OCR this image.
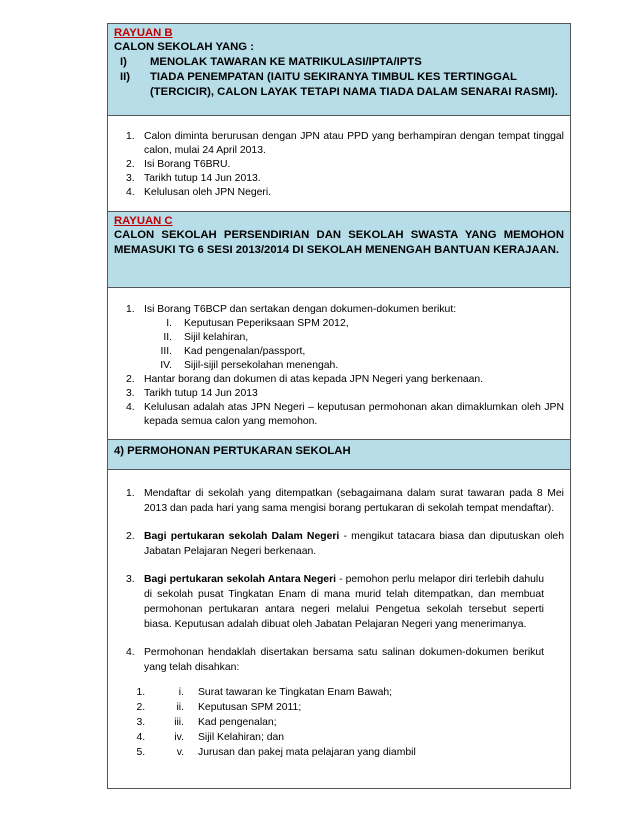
RAYUAN B
CALON SEKOLAH YANG :
I) MENOLAK TAWARAN KE MATRIKULASI/IPTA/IPTS
II) TIADA PENEMPATAN (IAITU SEKIRANYA TIMBUL KES TERTINGGAL (TERCICIR), CALON LAYAK TETAPI NAMA TIADA DALAM SENARAI RASMI).
1. Calon diminta berurusan dengan JPN atau PPD yang berhampiran dengan tempat tinggal calon, mulai 24 April 2013.
2. Isi Borang T6BRU.
3. Tarikh tutup 14 Jun 2013.
4. Kelulusan oleh JPN Negeri.
RAYUAN C
CALON SEKOLAH PERSENDIRIAN DAN SEKOLAH SWASTA YANG MEMOHON MEMASUKI TG 6 SESI 2013/2014 DI SEKOLAH MENENGAH BANTUAN KERAJAAN.
1. Isi Borang T6BCP dan sertakan dengan dokumen-dokumen berikut:
I. Keputusan Peperiksaan SPM 2012,
II. Sijil kelahiran,
III. Kad pengenalan/passport,
IV. Sijil-sijil persekolahan menengah.
2. Hantar borang dan dokumen di atas kepada JPN Negeri yang berkenaan.
3. Tarikh tutup 14 Jun 2013
4. Kelulusan adalah atas JPN Negeri – keputusan permohonan akan dimaklumkan oleh JPN kepada semua calon yang memohon.
4) PERMOHONAN PERTUKARAN SEKOLAH
1. Mendaftar di sekolah yang ditempatkan (sebagaimana dalam surat tawaran pada 8 Mei 2013 dan pada hari yang sama mengisi borang pertukaran di sekolah tempat mendaftar).
2. Bagi pertukaran sekolah Dalam Negeri - mengikut tatacara biasa dan diputuskan oleh Jabatan Pelajaran Negeri berkenaan.
3. Bagi pertukaran sekolah Antara Negeri - pemohon perlu melapor diri terlebih dahulu di sekolah pusat Tingkatan Enam di mana murid telah ditempatkan, dan membuat permohonan pertukaran antara negeri melalui Pengetua sekolah tersebut seperti biasa. Keputusan adalah dibuat oleh Jabatan Pelajaran Negeri yang menerimanya.
4. Permohonan hendaklah disertakan bersama satu salinan dokumen-dokumen berikut yang telah disahkan:
1. i. Surat tawaran ke Tingkatan Enam Bawah;
2. ii. Keputusan SPM 2011;
3. iii. Kad pengenalan;
4. iv. Sijil Kelahiran; dan
5. v. Jurusan dan pakej mata pelajaran yang diambil
